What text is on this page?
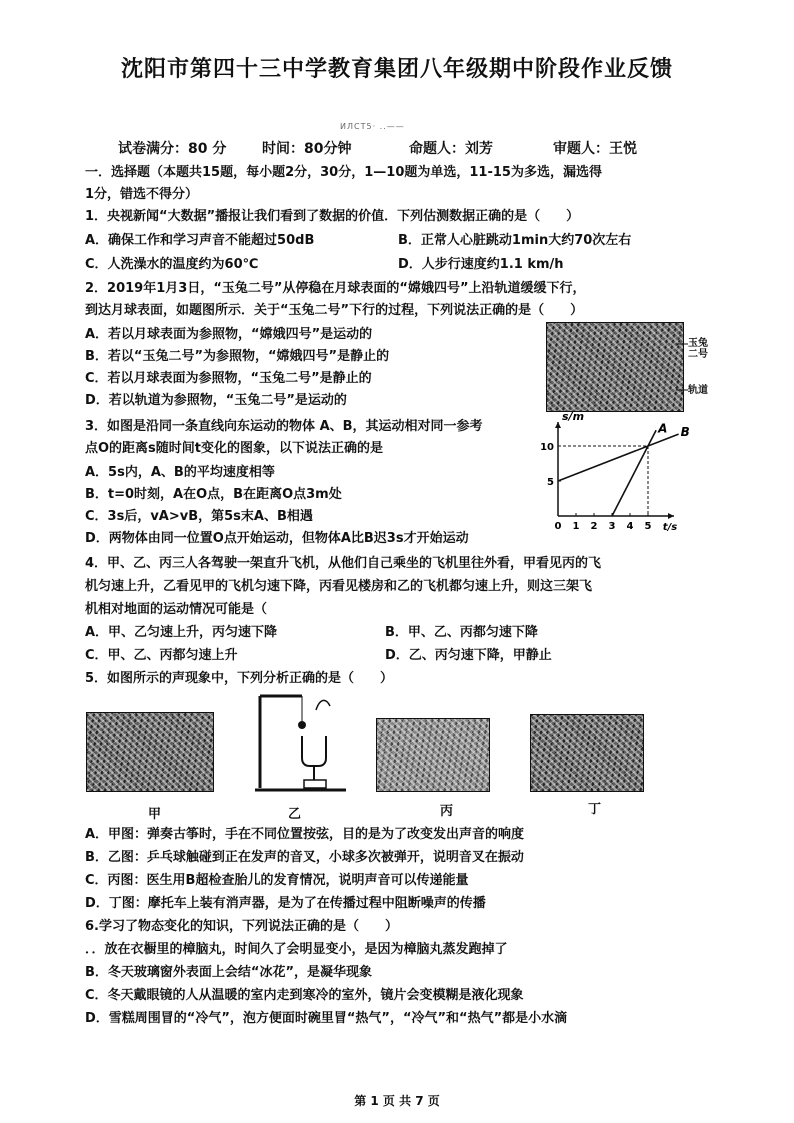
沈阳市第四十三中学教育集团八年级期中阶段作业反馈
ИЛСТ5· ..——
试卷满分：80 分	时间：80分钟	命题人：刘芳	审题人：王悦
一．选择题（本题共15题，每小题2分，30分，1—10题为单选，11-15为多选，漏选得
1分，错选不得分）
1．央视新闻“大数据”播报让我们看到了数据的价值．下列估测数据正确的是（　　）
A．确保工作和学习声音不能超过50dB	B．正常人心脏跳动1min大约70次左右
C．人洗澡水的温度约为60℃	D．人步行速度约1.1 km/h
2．2019年1月3日，“玉兔二号”从停稳在月球表面的“嫦娥四号”上沿轨道缓缓下行，
到达月球表面，如题图所示．关于“玉兔二号”下行的过程，下列说法正确的是（　　）
A．若以月球表面为参照物，“嫦娥四号”是运动的
B．若以“玉兔二号”为参照物，“嫦娥四号”是静止的
C．若以月球表面为参照物，“玉兔二号”是静止的
D．若以轨道为参照物，“玉兔二号”是运动的
玉兔
二号
轨道
3．如图是沿同一条直线向东运动的物体 A、B，其运动相对同一参考
点O的距离s随时间t变化的图象，以下说法正确的是
A．5s内，A、B的平均速度相等
B．t=0时刻，A在O点，B在距离O点3m处
C．3s后，vA>vB，第5s末A、B相遇
D．两物体由同一位置O点开始运动，但物体A比B迟3s才开始运动
0 1 2 3 4 5
5
10
A B
s/m
t/s
4．甲、乙、丙三人各驾驶一架直升飞机，从他们自己乘坐的飞机里往外看，甲看见丙的飞
机匀速上升，乙看见甲的飞机匀速下降，丙看见楼房和乙的飞机都匀速上升，则这三架飞
机相对地面的运动情况可能是（
A．甲、乙匀速上升，丙匀速下降	B．甲、乙、丙都匀速下降
C．甲、乙、丙都匀速上升	D．乙、丙匀速下降，甲静止
5．如图所示的声现象中，下列分析正确的是（　　）
甲	乙	丙	丁
A．甲图：弹奏古筝时，手在不同位置按弦，目的是为了改变发出声音的响度
B．乙图：乒乓球触碰到正在发声的音叉，小球多次被弹开，说明音叉在振动
C．丙图：医生用B超检查胎儿的发育情况，说明声音可以传递能量
D．丁图：摩托车上装有消声器，是为了在传播过程中阻断噪声的传播
6.学习了物态变化的知识，下列说法正确的是（　　）
．．放在衣橱里的樟脑丸，时间久了会明显变小，是因为樟脑丸蒸发跑掉了
B．冬天玻璃窗外表面上会结“冰花”，是凝华现象
C．冬天戴眼镜的人从温暖的室内走到寒冷的室外，镜片会变模糊是液化现象
D．雪糕周围冒的“冷气”，泡方便面时碗里冒“热气”，“冷气”和“热气”都是小水滴
第 1 页 共 7 页
